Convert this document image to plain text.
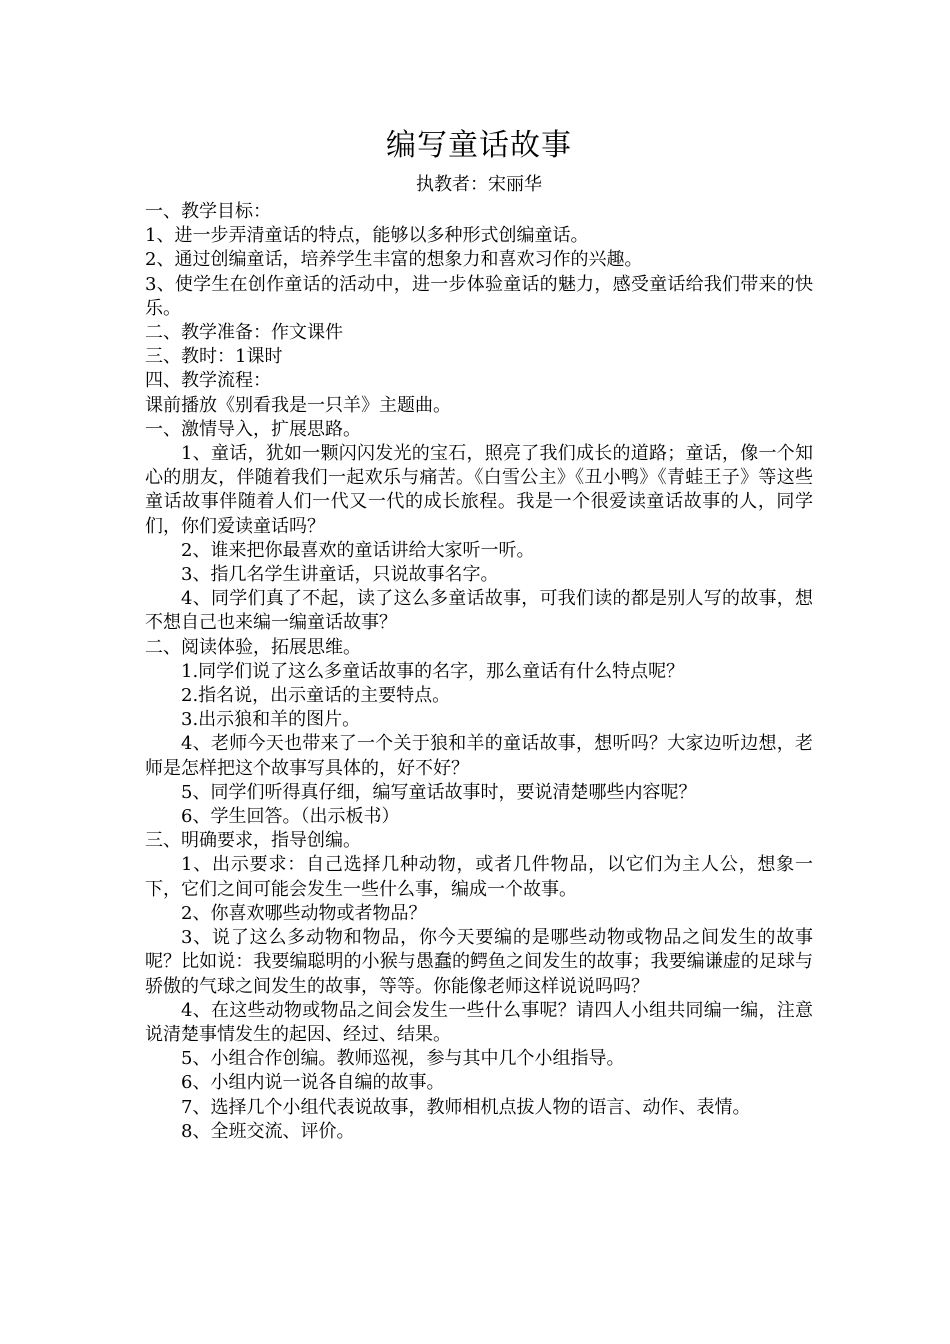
编写童话故事
执教者：宋丽华

一、教学目标：

1、进一步弄清童话的特点，能够以多种形式创编童话。

2、通过创编童话，培养学生丰富的想象力和喜欢习作的兴趣。

3、使学生在创作童话的活动中，进一步体验童话的魅力，感受童话给我们带来的快乐。

二、教学准备：作文课件

三、教时：1课时

四、教学流程：

课前播放《别看我是一只羊》主题曲。

一、激情导入，扩展思路。

1、童话，犹如一颗闪闪发光的宝石，照亮了我们成长的道路；童话，像一个知心的朋友，伴随着我们一起欢乐与痛苦。《白雪公主》《丑小鸭》《青蛙王子》等这些童话故事伴随着人们一代又一代的成长旅程。我是一个很爱读童话故事的人，同学们，你们爱读童话吗？

2、谁来把你最喜欢的童话讲给大家听一听。

3、指几名学生讲童话，只说故事名字。

4、同学们真了不起，读了这么多童话故事，可我们读的都是别人写的故事，想不想自己也来编一编童话故事？

二、阅读体验，拓展思维。

1.同学们说了这么多童话故事的名字，那么童话有什么特点呢？

2.指名说，出示童话的主要特点。

3.出示狼和羊的图片。

4、老师今天也带来了一个关于狼和羊的童话故事，想听吗？大家边听边想，老师是怎样把这个故事写具体的，好不好？

5、同学们听得真仔细，编写童话故事时，要说清楚哪些内容呢？

6、学生回答。（出示板书）

三、明确要求，指导创编。

1、出示要求：自己选择几种动物，或者几件物品，以它们为主人公，想象一下，它们之间可能会发生一些什么事，编成一个故事。

2、你喜欢哪些动物或者物品？

3、说了这么多动物和物品，你今天要编的是哪些动物或物品之间发生的故事呢？比如说：我要编聪明的小猴与愚蠢的鳄鱼之间发生的故事；我要编谦虚的足球与骄傲的气球之间发生的故事，等等。你能像老师这样说说吗吗？

4、在这些动物或物品之间会发生一些什么事呢？请四人小组共同编一编，注意说清楚事情发生的起因、经过、结果。

5、小组合作创编。教师巡视，参与其中几个小组指导。

6、小组内说一说各自编的故事。

7、选择几个小组代表说故事，教师相机点拔人物的语言、动作、表情。

8、全班交流、评价。
